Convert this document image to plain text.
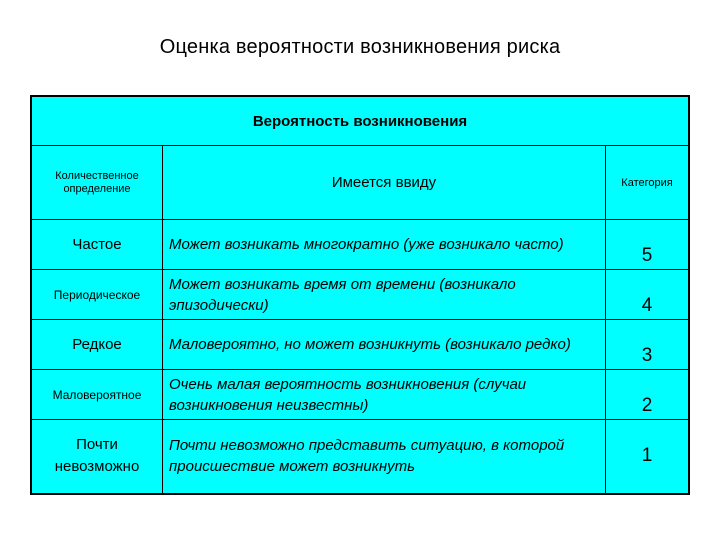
Оценка вероятности возникновения риска
Вероятность возникновения		
Количественное определение	Имеется ввиду	Категория
Частое	Может возникать многократно (уже возникало часто)	5
Периодическое	Может возникать время от времени (возникало эпизодически)	4
Редкое	Маловероятно, но может возникнуть (возникало редко)	3
Маловероятное	Очень малая вероятность возникновения (случаи возникновения неизвестны)	2
Почти невозможно	Почти невозможно представить ситуацию, в которой происшествие может возникнуть	1
